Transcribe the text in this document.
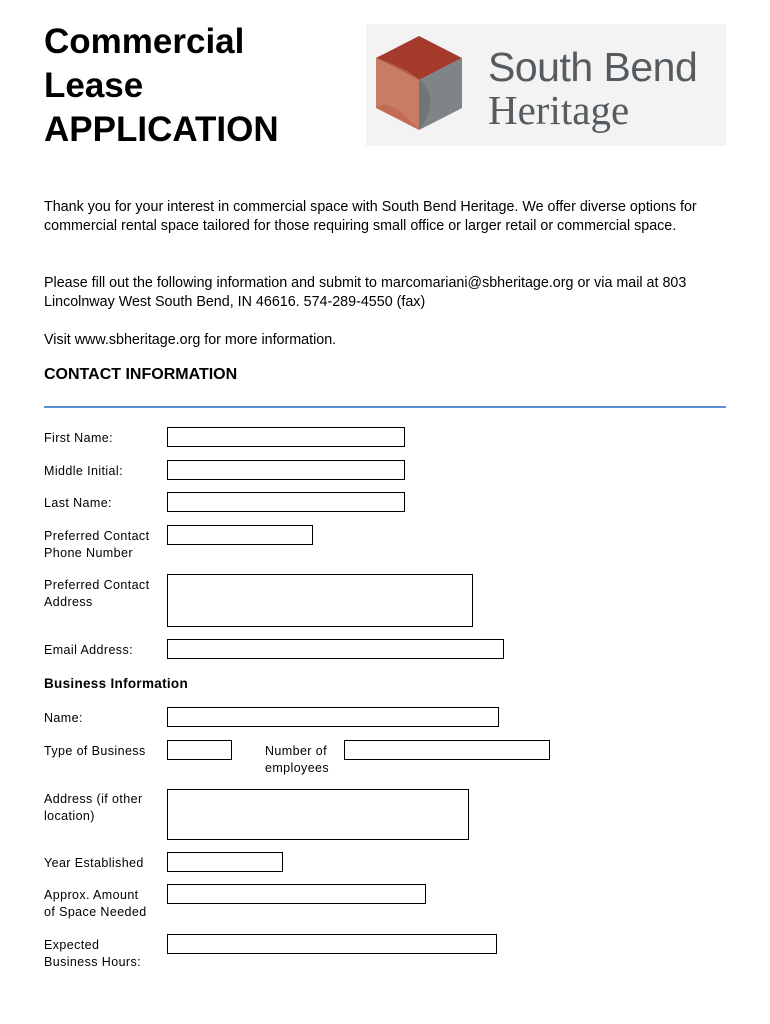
Commercial
Lease
APPLICATION
South Bend
Heritage
Thank you for your interest in commercial space with South Bend Heritage. We offer diverse options for commercial rental space tailored for those requiring small office or larger retail or commercial space.
Please fill out the following information and submit to marcomariani@sbheritage.org or via mail at 803 Lincolnway West South Bend, IN 46616. 574-289-4550 (fax)
Visit www.sbheritage.org for more information.
CONTACT INFORMATION
First Name:
Middle Initial:
Last Name:
Preferred Contact
Phone Number
Preferred Contact
Address
Email Address:
Business Information
Name:
Type of Business	Number of
employees
Address (if other
location)
Year Established
Approx. Amount
of Space Needed
Expected
Business Hours:
